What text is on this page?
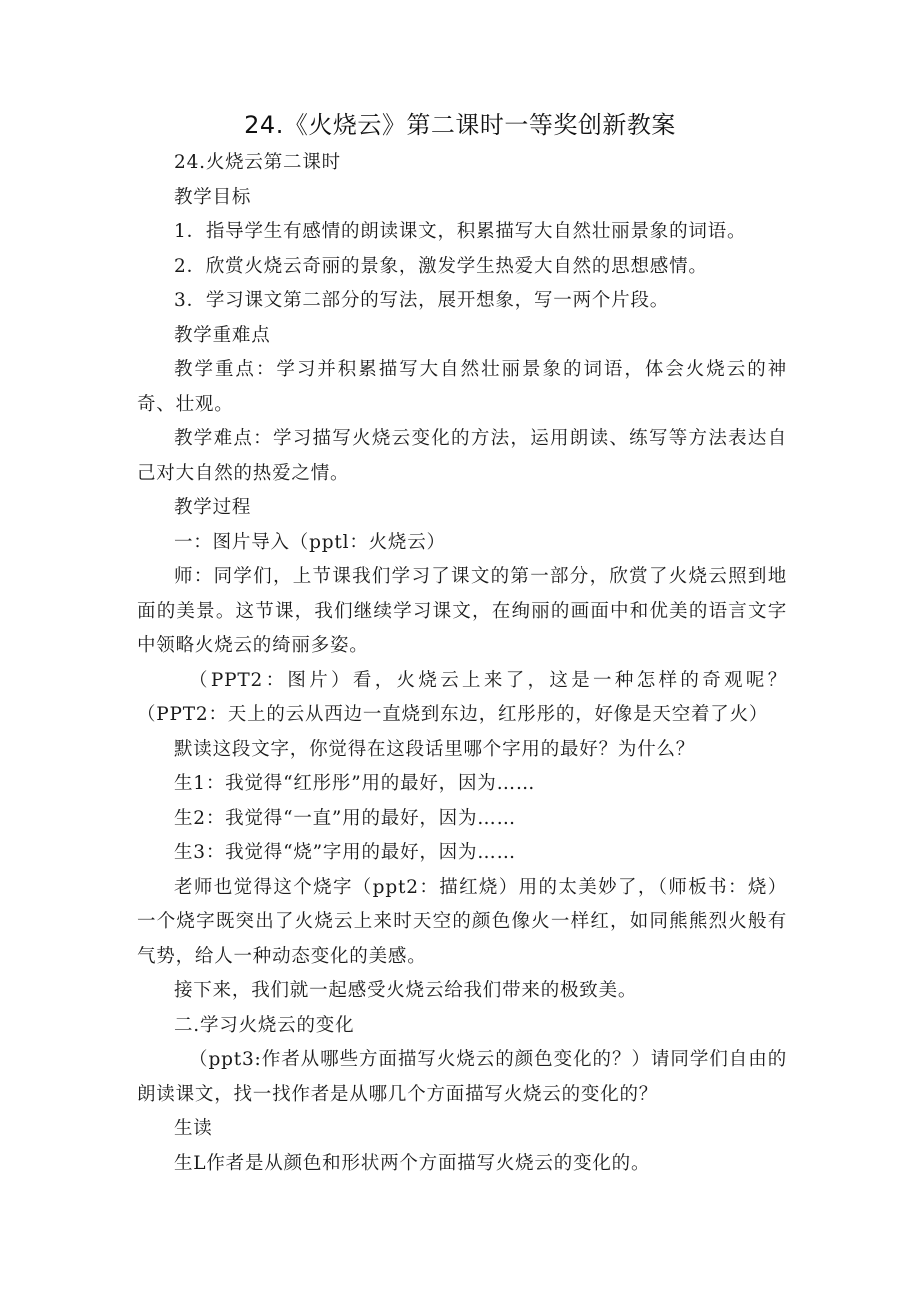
24.《火烧云》第二课时一等奖创新教案

24.火烧云第二课时

教学目标

1．指导学生有感情的朗读课文，积累描写大自然壮丽景象的词语。

2．欣赏火烧云奇丽的景象，激发学生热爱大自然的思想感情。

3．学习课文第二部分的写法，展开想象，写一两个片段。

教学重难点

教学重点：学习并积累描写大自然壮丽景象的词语，体会火烧云的神奇、壮观。

教学难点：学习描写火烧云变化的方法，运用朗读、练写等方法表达自己对大自然的热爱之情。

教学过程

一：图片导入（pptl：火烧云）

师：同学们，上节课我们学习了课文的第一部分，欣赏了火烧云照到地面的美景。这节课，我们继续学习课文，在绚丽的画面中和优美的语言文字中领略火烧云的绮丽多姿。

（PPT2：图片）看，火烧云上来了，这是一种怎样的奇观呢？（PPT2：天上的云从西边一直烧到东边，红彤彤的，好像是天空着了火）

默读这段文字，你觉得在这段话里哪个字用的最好？为什么？

生1：我觉得“红彤彤”用的最好，因为……

生2：我觉得“一直”用的最好，因为……

生3：我觉得“烧”字用的最好，因为……

老师也觉得这个烧字（ppt2：描红烧）用的太美妙了，（师板书：烧）一个烧字既突出了火烧云上来时天空的颜色像火一样红，如同熊熊烈火般有气势，给人一种动态变化的美感。

接下来，我们就一起感受火烧云给我们带来的极致美。

二.学习火烧云的变化

（ppt3:作者从哪些方面描写火烧云的颜色变化的？）请同学们自由的朗读课文，找一找作者是从哪几个方面描写火烧云的变化的？

生读

生L作者是从颜色和形状两个方面描写火烧云的变化的。
